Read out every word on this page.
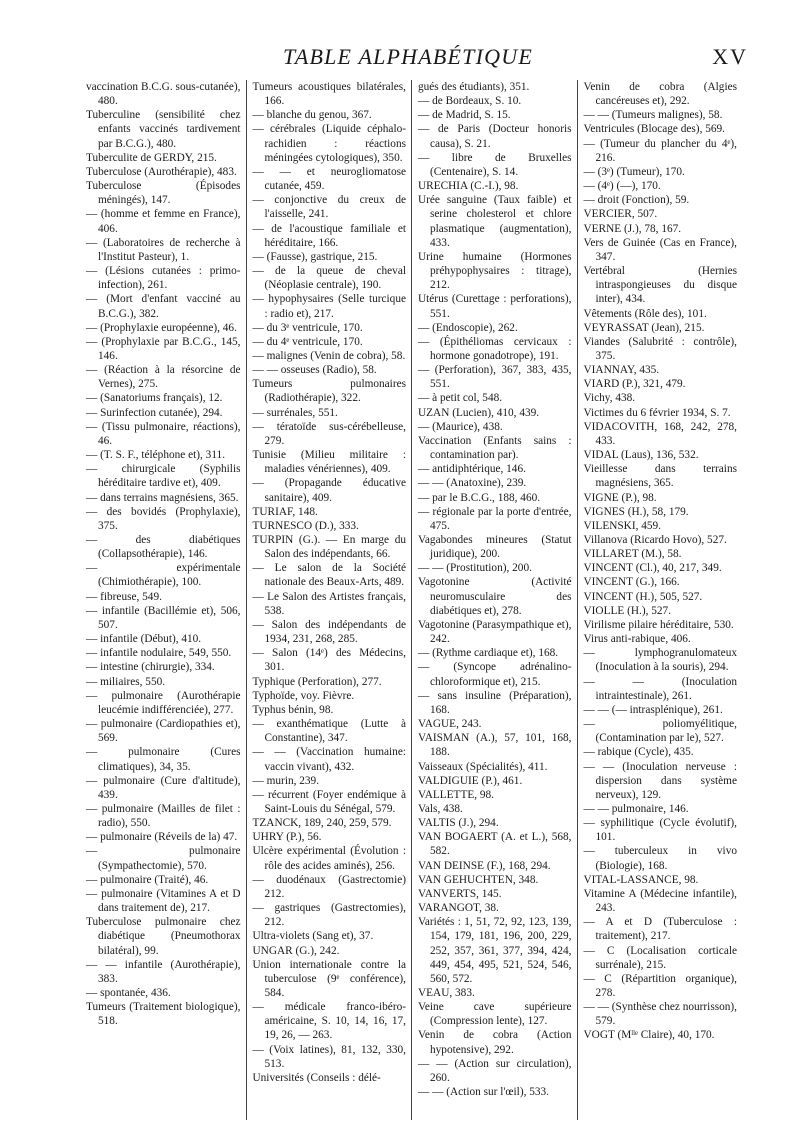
TABLE ALPHABÉTIQUE	XV

vaccination B.C.G. sous-cutanée), 480.

Tuberculine (sensibilité chez enfants vaccinés tardivement par B.C.G.), 480.

Tuberculite de GERDY, 215.

Tuberculose (Aurothérapie), 483.

Tuberculose (Épisodes méningés), 147.

— (homme et femme en France), 406.

— (Laboratoires de recherche à l'Institut Pasteur), 1.

— (Lésions cutanées : primo-infection), 261.

— (Mort d'enfant vacciné au B.C.G.), 382.

— (Prophylaxie européenne), 46.

— (Prophylaxie par B.C.G., 145, 146.

— (Réaction à la résorcine de Vernes), 275.

— (Sanatoriums français), 12.

— Surinfection cutanée), 294.

— (Tissu pulmonaire, réactions), 46.

— (T. S. F., téléphone et), 311.

— chirurgicale (Syphilis héréditaire tardive et), 409.

— dans terrains magnésiens, 365.

— des bovidés (Prophylaxie), 375.

— des diabétiques (Collapsothérapie), 146.

— expérimentale (Chimiothérapie), 100.

— fibreuse, 549.

— infantile (Bacillémie et), 506, 507.

— infantile (Début), 410.

— infantile nodulaire, 549, 550.

— intestine (chirurgie), 334.

— miliaires, 550.

— pulmonaire (Aurothérapie leucémie indifférenciée), 277.

— pulmonaire (Cardiopathies et), 569.

— pulmonaire (Cures climatiques), 34, 35.

— pulmonaire (Cure d'altitude), 439.

— pulmonaire (Mailles de filet : radio), 550.

— pulmonaire (Réveils de la) 47.

— pulmonaire (Sympathectomie), 570.

— pulmonaire (Traité), 46.

— pulmonaire (Vitamines A et D dans traitement de), 217.

Tuberculose pulmonaire chez diabétique (Pneumothorax bilatéral), 99.

— — infantile (Aurothérapie), 383.

— spontanée, 436.

Tumeurs (Traitement biologique), 518.

Tumeurs acoustiques bilatérales, 166.

— blanche du genou, 367.

— cérébrales (Liquide céphalo-rachidien : réactions méningées cytologiques), 350.

— — et neurogliomatose cutanée, 459.

— conjonctive du creux de l'aisselle, 241.

— de l'acoustique familiale et héréditaire, 166.

— (Fausse), gastrique, 215.

— de la queue de cheval (Néoplasie centrale), 190.

— hypophysaires (Selle turcique : radio et), 217.

— du 3ᵉ ventricule, 170.

— du 4ᵉ ventricule, 170.

— malignes (Venin de cobra), 58.

— — osseuses (Radio), 58.

Tumeurs pulmonaires (Radiothérapie), 322.

— surrénales, 551.

— tératoïde sus-cérébelleuse, 279.

Tunisie (Milieu militaire : maladies vénériennes), 409.

— (Propagande éducative sanitaire), 409.

TURIAF, 148.

TURNESCO (D.), 333.

TURPIN (G.). — En marge du Salon des indépendants, 66.

— Le salon de la Société nationale des Beaux-Arts, 489.

— Le Salon des Artistes français, 538.

— Salon des indépendants de 1934, 231, 268, 285.

— Salon (14ᵉ) des Médecins, 301.

Typhique (Perforation), 277.

Typhoïde, voy. Fièvre.

Typhus bénin, 98.

— exanthématique (Lutte à Constantine), 347.

— — (Vaccination humaine: vaccin vivant), 432.

— murin, 239.

— récurrent (Foyer endémique à Saint-Louis du Sénégal, 579.

TZANCK, 189, 240, 259, 579.

UHRY (P.), 56.

Ulcère expérimental (Évolution : rôle des acides aminés), 256.

— duodénaux (Gastrectomie) 212.

— gastriques (Gastrectomies), 212.

Ultra-violets (Sang et), 37.

UNGAR (G.), 242.

Union internationale contre la tuberculose (9ᵉ conférence), 584.

— médicale franco-ibéro-américaine, S. 10, 14, 16, 17, 19, 26, — 263.

— (Voix latines), 81, 132, 330, 513.

Universités (Conseils : délé-

gués des étudiants), 351.

— de Bordeaux, S. 10.

— de Madrid, S. 15.

— de Paris (Docteur honoris causa), S. 21.

— libre de Bruxelles (Centenaire), S. 14.

URECHIA (C.-I.), 98.

Urée sanguine (Taux faible) et serine cholesterol et chlore plasmatique (augmentation), 433.

Urine humaine (Hormones préhypophysaires : titrage), 212.

Utérus (Curettage : perforations), 551.

— (Endoscopie), 262.

— (Épithéliomas cervicaux : hormone gonadotrope), 191.

— (Perforation), 367, 383, 435, 551.

— à petit col, 548.

UZAN (Lucien), 410, 439.

— (Maurice), 438.

Vaccination (Enfants sains : contamination par).

— antidiphtérique, 146.

— — (Anatoxine), 239.

— par le B.C.G., 188, 460.

— régionale par la porte d'entrée, 475.

Vagabondes mineures (Statut juridique), 200.

— — (Prostitution), 200.

Vagotonine (Activité neuromusculaire des diabétiques et), 278.

Vagotonine (Parasympathique et), 242.

— (Rythme cardiaque et), 168.

— (Syncope adrénalino-chloroformique et), 215.

— sans insuline (Préparation), 168.

VAGUE, 243.

VAISMAN (A.), 57, 101, 168, 188.

Vaisseaux (Spécialités), 411.

VALDIGUIE (P.), 461.

VALLETTE, 98.

Vals, 438.

VALTIS (J.), 294.

VAN BOGAERT (A. et L.), 568, 582.

VAN DEINSE (F.), 168, 294.

VAN GEHUCHTEN, 348.

VANVERTS, 145.

VARANGOT, 38.

Variétés : 1, 51, 72, 92, 123, 139, 154, 179, 181, 196, 200, 229, 252, 357, 361, 377, 394, 424, 449, 454, 495, 521, 524, 546, 560, 572.

VEAU, 383.

Veine cave supérieure (Compression lente), 127.

Venin de cobra (Action hypotensive), 292.

— — (Action sur circulation), 260.

— — (Action sur l'œil), 533.

Venin de cobra (Algies cancéreuses et), 292.

— — (Tumeurs malignes), 58.

Ventricules (Blocage des), 569.

— (Tumeur du plancher du 4ᵉ), 216.

— (3ᵉ) (Tumeur), 170.

— (4ᵉ) (—), 170.

— droit (Fonction), 59.

VERCIER, 507.

VERNE (J.), 78, 167.

Vers de Guinée (Cas en France), 347.

Vertébral (Hernies intraspongieuses du disque inter), 434.

Vêtements (Rôle des), 101.

VEYRASSAT (Jean), 215.

Viandes (Salubrité : contrôle), 375.

VIANNAY, 435.

VIARD (P.), 321, 479.

Vichy, 438.

Victimes du 6 février 1934, S. 7.

VIDACOVITH, 168, 242, 278, 433.

VIDAL (Laus), 136, 532.

Vieillesse dans terrains magnésiens, 365.

VIGNE (P.), 98.

VIGNES (H.), 58, 179.

VILENSKI, 459.

Villanova (Ricardo Hovo), 527.

VILLARET (M.), 58.

VINCENT (Cl.), 40, 217, 349.

VINCENT (G.), 166.

VINCENT (H.), 505, 527.

VIOLLE (H.), 527.

Virilisme pilaire héréditaire, 530.

Virus anti-rabique, 406.

— lymphogranulomateux (Inoculation à la souris), 294.

— — (Inoculation intraintestinale), 261.

— — (— intrasplénique), 261.

— poliomyélitique, (Contamination par le), 527.

— rabique (Cycle), 435.

— — (Inoculation nerveuse : dispersion dans système nerveux), 129.

— — pulmonaire, 146.

— syphilitique (Cycle évolutif), 101.

— tuberculeux in vivo (Biologie), 168.

VITAL-LASSANCE, 98.

Vitamine A (Médecine infantile), 243.

— A et D (Tuberculose : traitement), 217.

— C (Localisation corticale surrénale), 215.

— C (Répartition organique), 278.

— — (Synthèse chez nourrisson), 579.

VOGT (Mˡˡᵉ Claire), 40, 170.
